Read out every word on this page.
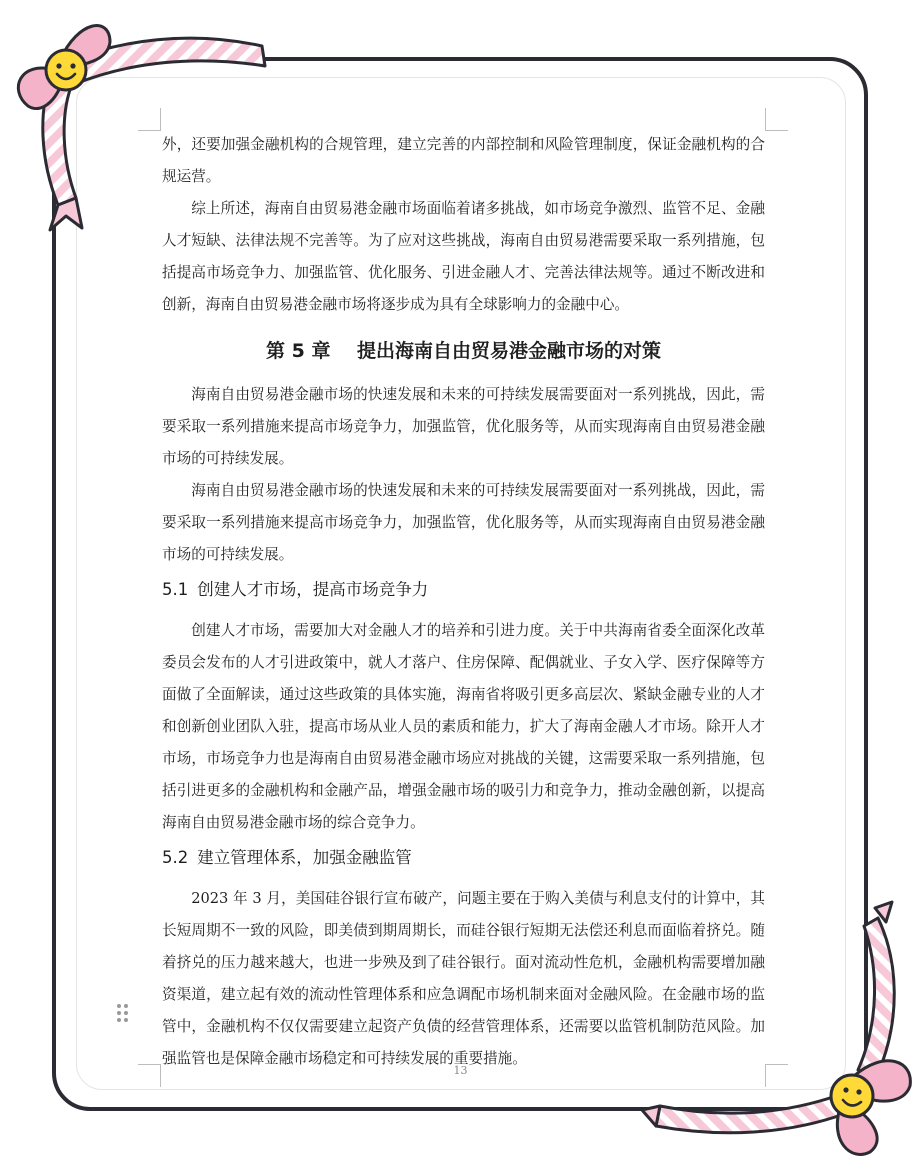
外，还要加强金融机构的合规管理，建立完善的内部控制和风险管理制度，保证金融机构的合规运营。

综上所述，海南自由贸易港金融市场面临着诸多挑战，如市场竞争激烈、监管不足、金融人才短缺、法律法规不完善等。为了应对这些挑战，海南自由贸易港需要采取一系列措施，包括提高市场竞争力、加强监管、优化服务、引进金融人才、完善法律法规等。通过不断改进和创新，海南自由贸易港金融市场将逐步成为具有全球影响力的金融中心。

第 5 章 提出海南自由贸易港金融市场的对策

海南自由贸易港金融市场的快速发展和未来的可持续发展需要面对一系列挑战，因此，需要采取一系列措施来提高市场竞争力，加强监管，优化服务等，从而实现海南自由贸易港金融市场的可持续发展。

海南自由贸易港金融市场的快速发展和未来的可持续发展需要面对一系列挑战，因此，需要采取一系列措施来提高市场竞争力，加强监管，优化服务等，从而实现海南自由贸易港金融市场的可持续发展。

5.1 创建人才市场，提高市场竞争力

创建人才市场，需要加大对金融人才的培养和引进力度。关于中共海南省委全面深化改革委员会发布的人才引进政策中，就人才落户、住房保障、配偶就业、子女入学、医疗保障等方面做了全面解读，通过这些政策的具体实施，海南省将吸引更多高层次、紧缺金融专业的人才和创新创业团队入驻，提高市场从业人员的素质和能力，扩大了海南金融人才市场。除开人才市场，市场竞争力也是海南自由贸易港金融市场应对挑战的关键，这需要采取一系列措施，包括引进更多的金融机构和金融产品，增强金融市场的吸引力和竞争力，推动金融创新，以提高海南自由贸易港金融市场的综合竞争力。

5.2 建立管理体系，加强金融监管

2023 年 3 月，美国硅谷银行宣布破产，问题主要在于购入美债与利息支付的计算中，其长短周期不一致的风险，即美债到期周期长，而硅谷银行短期无法偿还利息而面临着挤兑。随着挤兑的压力越来越大，也进一步殃及到了硅谷银行。面对流动性危机，金融机构需要增加融资渠道，建立起有效的流动性管理体系和应急调配市场机制来面对金融风险。在金融市场的监管中，金融机构不仅仅需要建立起资产负债的经营管理体系，还需要以监管机制防范风险。加强监管也是保障金融市场稳定和可持续发展的重要措施。

13
